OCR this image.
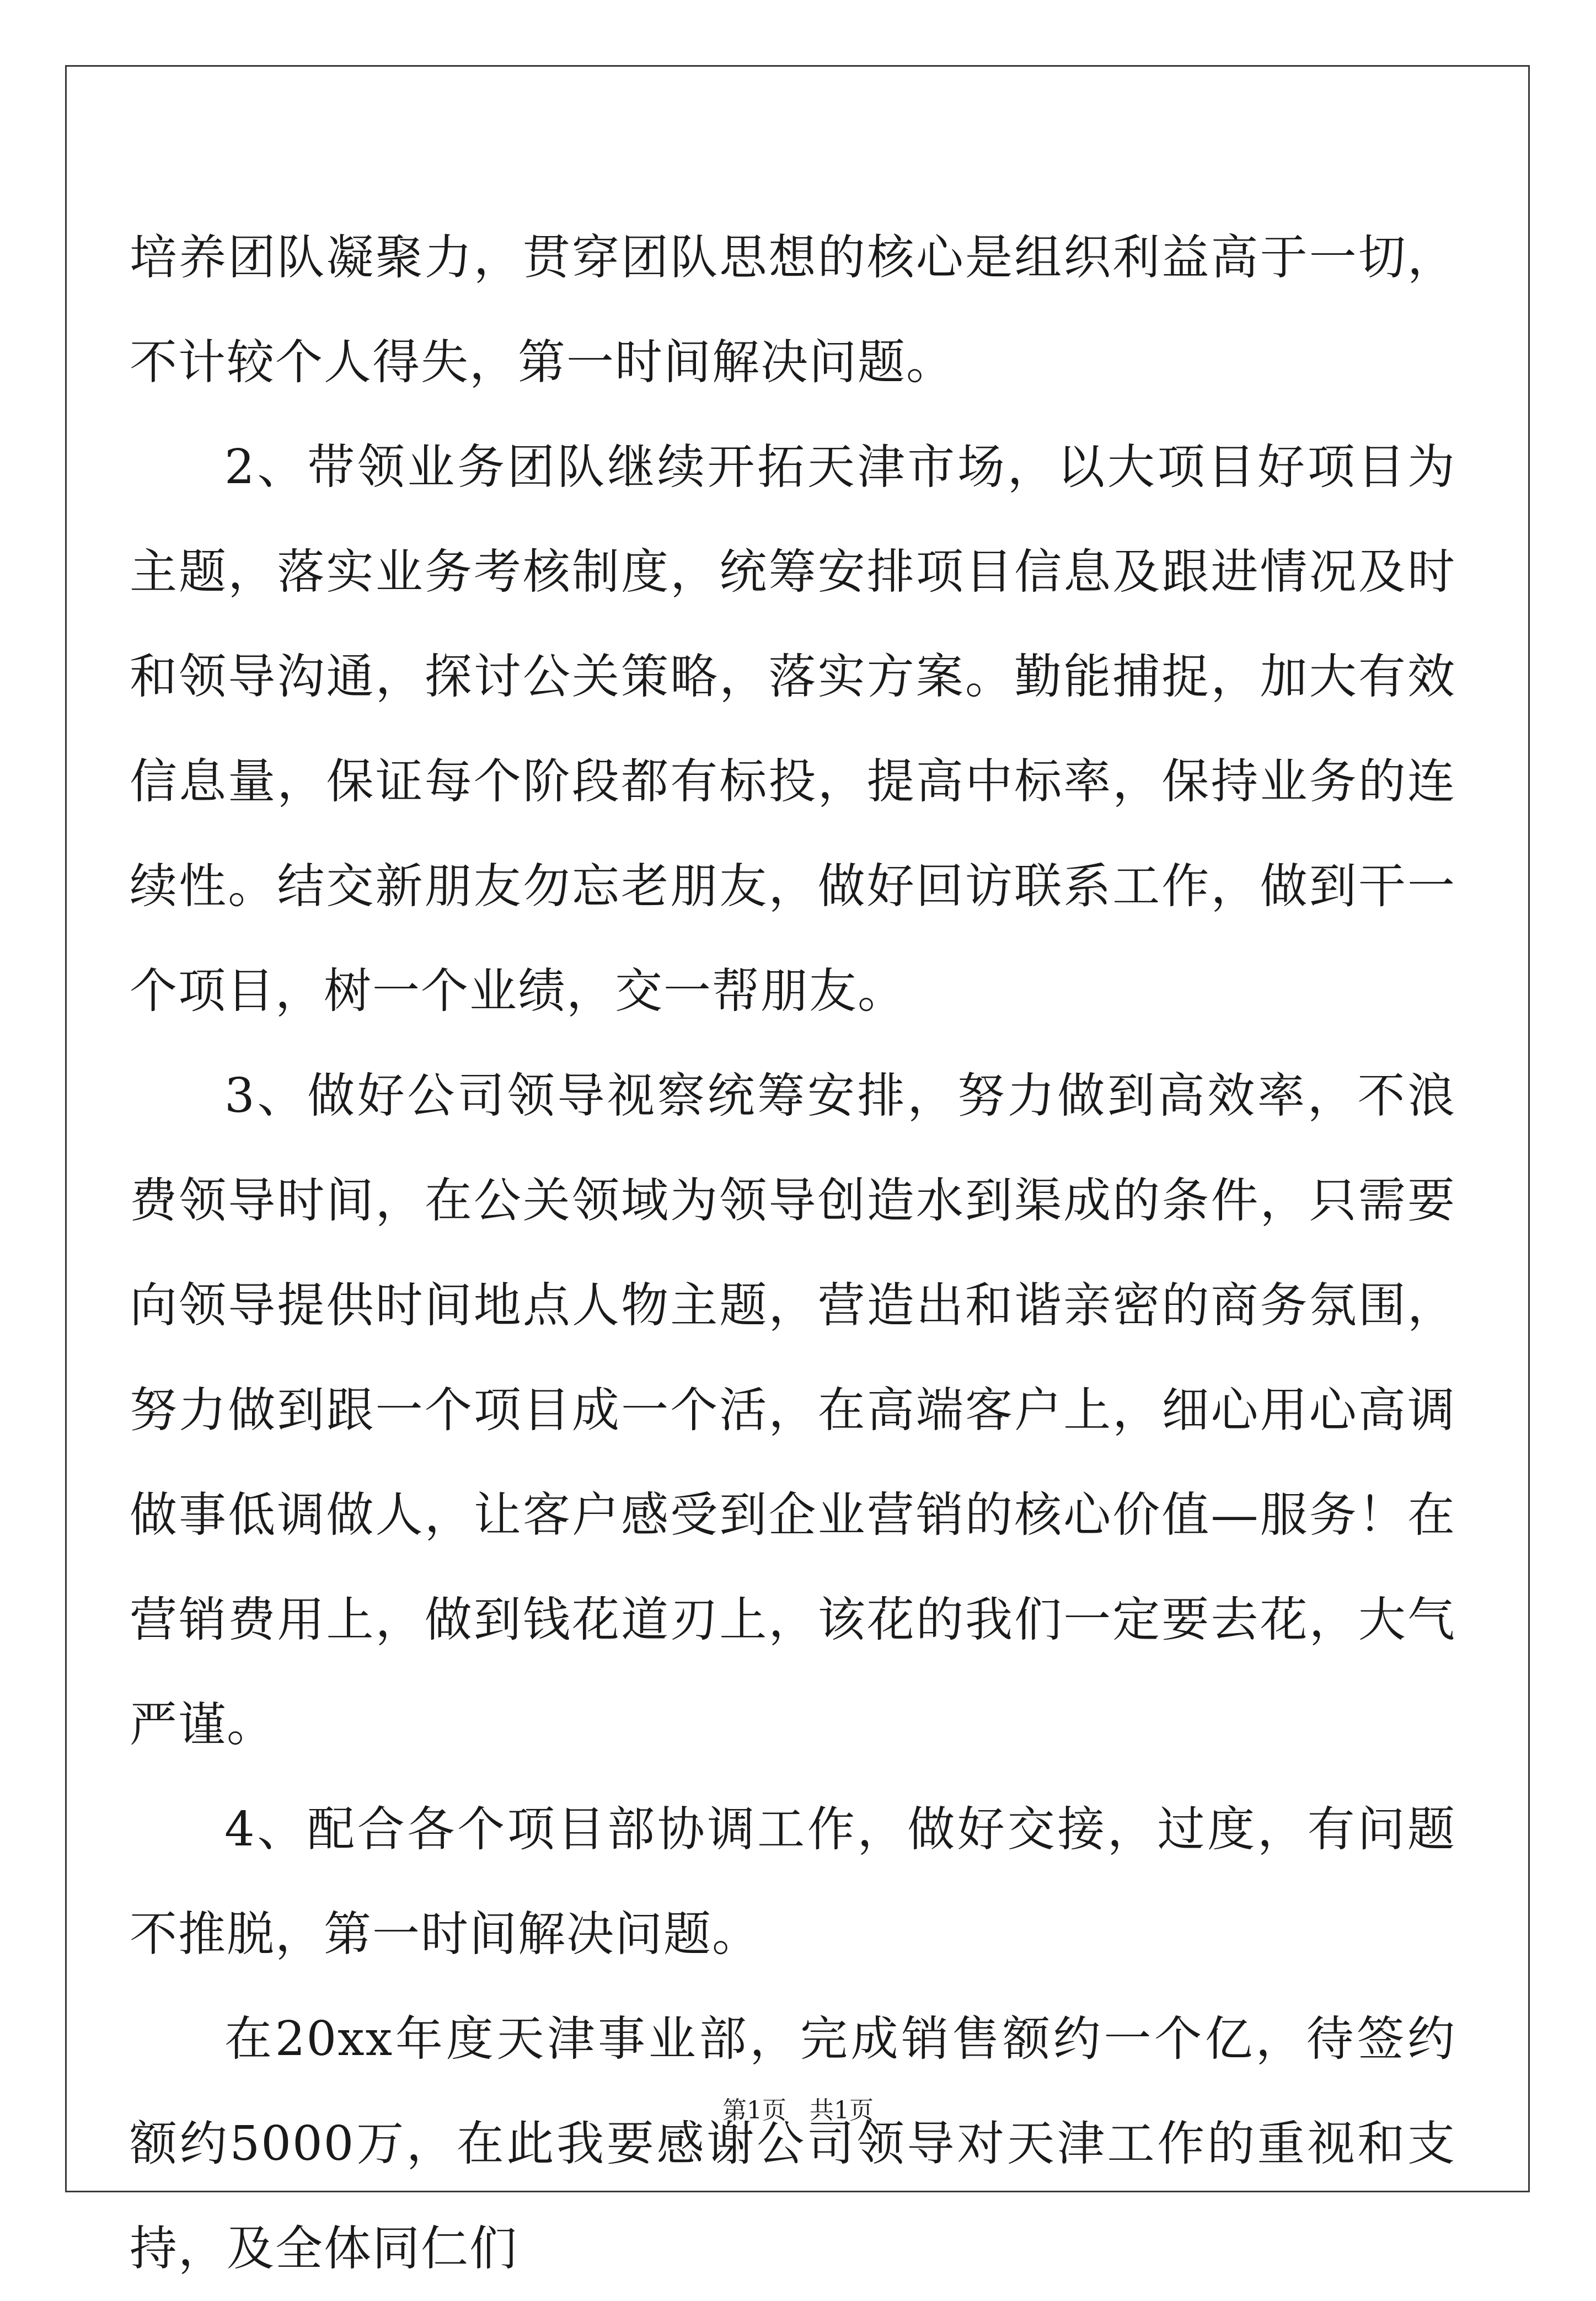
培养团队凝聚力，贯穿团队思想的核心是组织利益高于一切，不计较个人得失，第一时间解决问题。

2、带领业务团队继续开拓天津市场，以大项目好项目为主题，落实业务考核制度，统筹安排项目信息及跟进情况及时和领导沟通，探讨公关策略，落实方案。勤能捕捉，加大有效信息量，保证每个阶段都有标投，提高中标率，保持业务的连续性。结交新朋友勿忘老朋友，做好回访联系工作，做到干一个项目，树一个业绩，交一帮朋友。

3、做好公司领导视察统筹安排，努力做到高效率，不浪费领导时间，在公关领域为领导创造水到渠成的条件，只需要向领导提供时间地点人物主题，营造出和谐亲密的商务氛围，努力做到跟一个项目成一个活，在高端客户上，细心用心高调做事低调做人，让客户感受到企业营销的核心价值—服务！在营销费用上，做到钱花道刃上，该花的我们一定要去花，大气严谨。

4、配合各个项目部协调工作，做好交接，过度，有问题不推脱，第一时间解决问题。

在20xx年度天津事业部，完成销售额约一个亿，待签约额约5000万，在此我要感谢公司领导对天津工作的重视和支持，及全体同仁们

第1页 共1页
